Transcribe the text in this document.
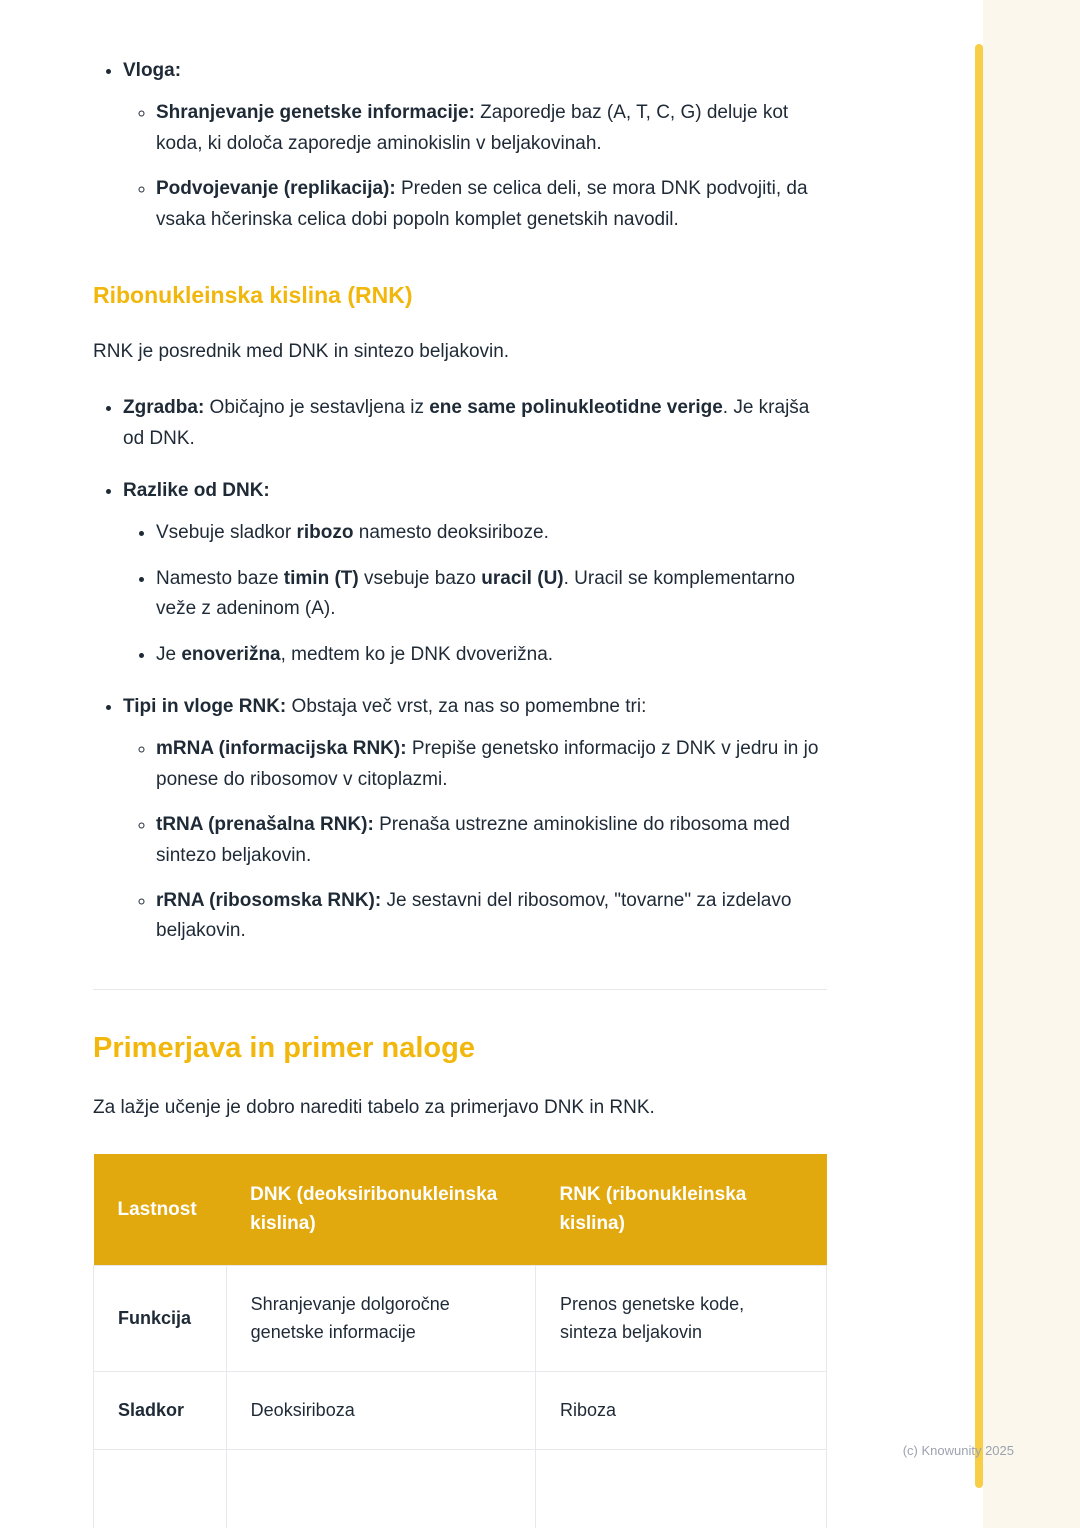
• Vloga:
◦ Shranjevanje genetske informacije: Zaporedje baz (A, T, C, G) deluje kot koda, ki določa zaporedje aminokislin v beljakovinah.
◦ Podvojevanje (replikacija): Preden se celica deli, se mora DNK podvojiti, da vsaka hčerinska celica dobi popoln komplet genetskih navodil.
Ribonukleinska kislina (RNK)

RNK je posrednik med DNK in sintezo beljakovin.

• Zgradba: Običajno je sestavljena iz ene same polinukleotidne verige. Je krajša od DNK.
• Razlike od DNK:
• Vsebuje sladkor ribozo namesto deoksiriboze.
• Namesto baze timin (T) vsebuje bazo uracil (U). Uracil se komplementarno veže z adeninom (A).
• Je enoverižna, medtem ko je DNK dvoverižna.
• Tipi in vloge RNK: Obstaja več vrst, za nas so pomembne tri:
◦ mRNA (informacijska RNK): Prepiše genetsko informacijo z DNK v jedru in jo ponese do ribosomov v citoplazmi.
◦ tRNA (prenašalna RNK): Prenaša ustrezne aminokisline do ribosoma med sintezo beljakovin.
◦ rRNA (ribosomska RNK): Je sestavni del ribosomov, "tovarne" za izdelavo beljakovin.
Primerjava in primer naloge

Za lažje učenje je dobro narediti tabelo za primerjavo DNK in RNK.

Lastnost	DNK (deoksiribonukleinska kislina)	RNK (ribonukleinska kislina)
Funkcija	Shranjevanje dolgoročne genetske informacije	Prenos genetske kode, sinteza beljakovin
Sladkor	Deoksiriboza	Riboza

(c) Knowunity 2025
